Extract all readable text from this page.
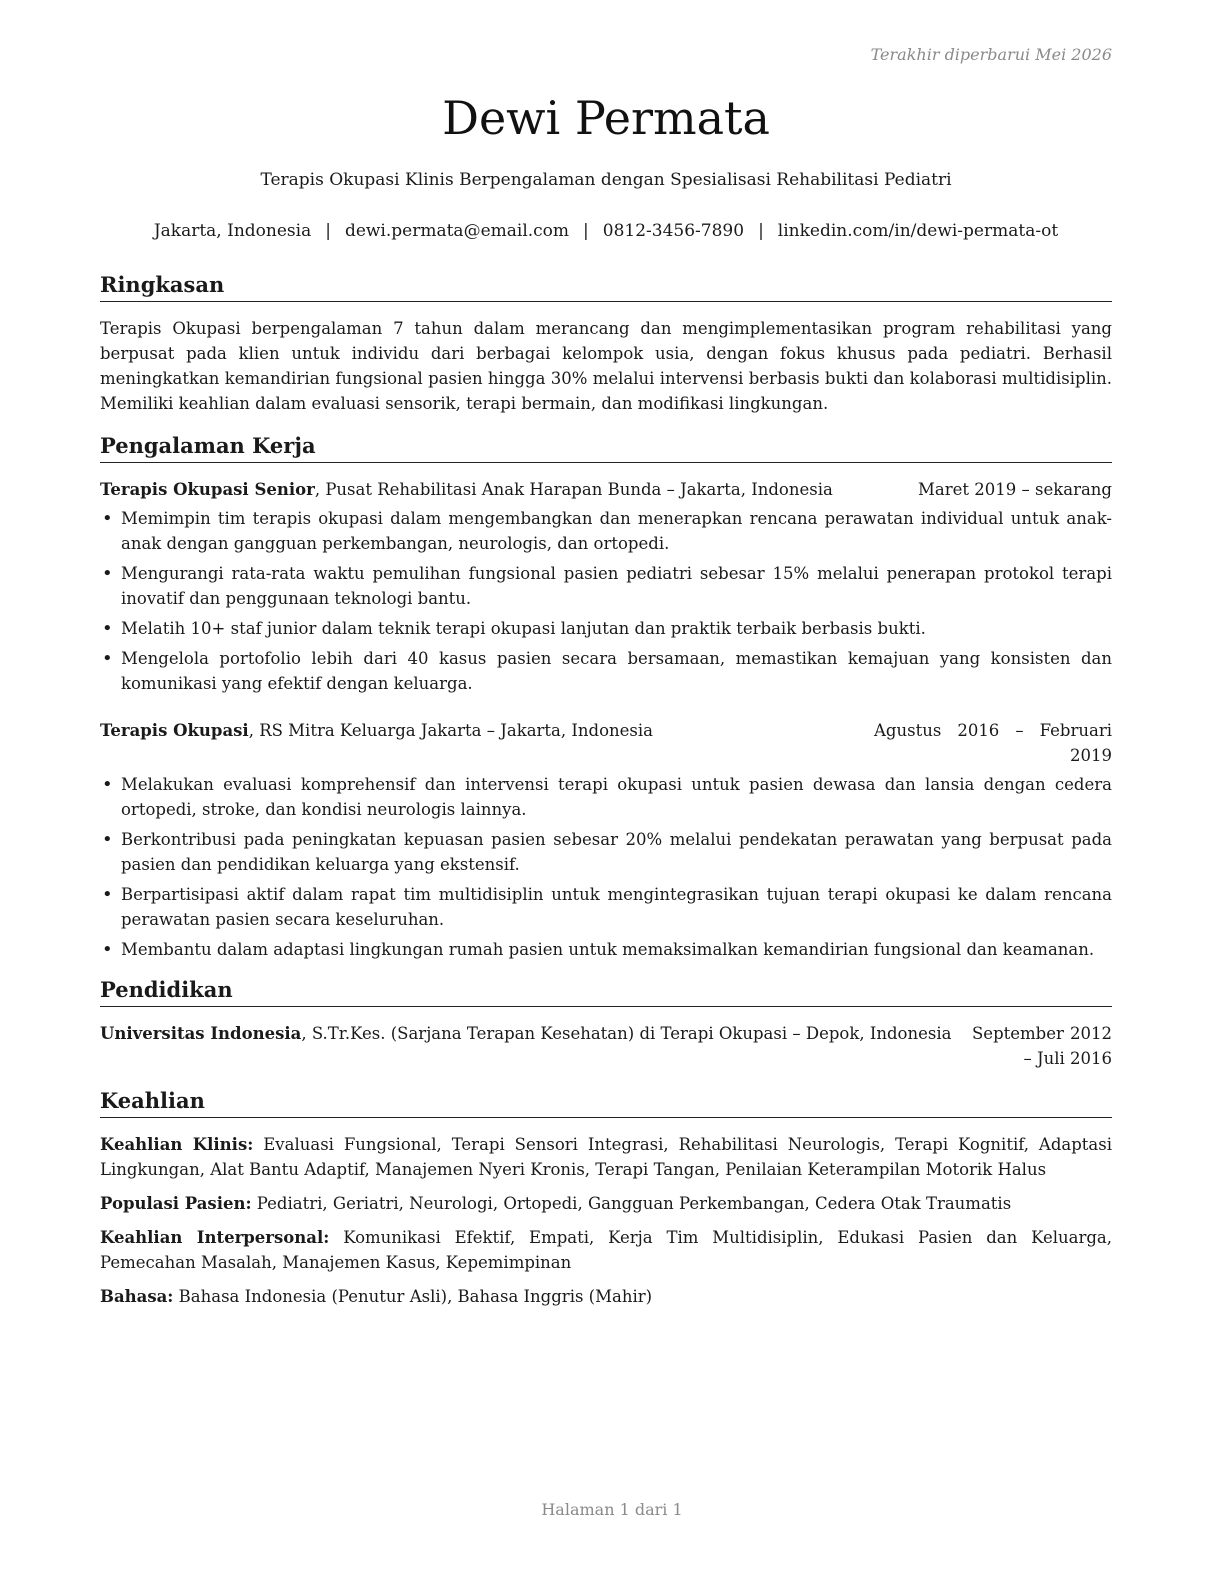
Terakhir diperbarui Mei 2026
Dewi Permata
Terapis Okupasi Klinis Berpengalaman dengan Spesialisasi Rehabilitasi Pediatri
Jakarta, Indonesia | dewi.permata@email.com | 0812-3456-7890 | linkedin.com/in/dewi-permata-ot
Ringkasan
Terapis Okupasi berpengalaman 7 tahun dalam merancang dan mengimplementasikan program rehabilitasi yang berpusat pada klien untuk individu dari berbagai kelompok usia, dengan fokus khusus pada pediatri. Berhasil meningkatkan kemandirian fungsional pasien hingga 30% melalui intervensi berbasis bukti dan kolaborasi multidisiplin. Memiliki keahlian dalam evaluasi sensorik, terapi bermain, dan modifikasi lingkungan.
Pengalaman Kerja
Terapis Okupasi Senior, Pusat Rehabilitasi Anak Harapan Bunda – Jakarta, Indonesia	Maret 2019 – sekarang
• Memimpin tim terapis okupasi dalam mengembangkan dan menerapkan rencana perawatan individual untuk anak-anak dengan gangguan perkembangan, neurologis, dan ortopedi.
• Mengurangi rata-rata waktu pemulihan fungsional pasien pediatri sebesar 15% melalui penerapan protokol terapi inovatif dan penggunaan teknologi bantu.
• Melatih 10+ staf junior dalam teknik terapi okupasi lanjutan dan praktik terbaik berbasis bukti.
• Mengelola portofolio lebih dari 40 kasus pasien secara bersamaan, memastikan kemajuan yang konsisten dan komunikasi yang efektif dengan keluarga.
Terapis Okupasi, RS Mitra Keluarga Jakarta – Jakarta, Indonesia	Agustus 2016 – Februari 2019
• Melakukan evaluasi komprehensif dan intervensi terapi okupasi untuk pasien dewasa dan lansia dengan cedera ortopedi, stroke, dan kondisi neurologis lainnya.
• Berkontribusi pada peningkatan kepuasan pasien sebesar 20% melalui pendekatan perawatan yang berpusat pada pasien dan pendidikan keluarga yang ekstensif.
• Berpartisipasi aktif dalam rapat tim multidisiplin untuk mengintegrasikan tujuan terapi okupasi ke dalam rencana perawatan pasien secara keseluruhan.
• Membantu dalam adaptasi lingkungan rumah pasien untuk memaksimalkan kemandirian fungsional dan keamanan.
Pendidikan
Universitas Indonesia, S.Tr.Kes. (Sarjana Terapan Kesehatan) di Terapi Okupasi – Depok, Indonesia	September 2012 – Juli 2016
Keahlian
Keahlian Klinis: Evaluasi Fungsional, Terapi Sensori Integrasi, Rehabilitasi Neurologis, Terapi Kognitif, Adaptasi Lingkungan, Alat Bantu Adaptif, Manajemen Nyeri Kronis, Terapi Tangan, Penilaian Keterampilan Motorik Halus
Populasi Pasien: Pediatri, Geriatri, Neurologi, Ortopedi, Gangguan Perkembangan, Cedera Otak Traumatis
Keahlian Interpersonal: Komunikasi Efektif, Empati, Kerja Tim Multidisiplin, Edukasi Pasien dan Keluarga, Pemecahan Masalah, Manajemen Kasus, Kepemimpinan
Bahasa: Bahasa Indonesia (Penutur Asli), Bahasa Inggris (Mahir)
Halaman 1 dari 1
